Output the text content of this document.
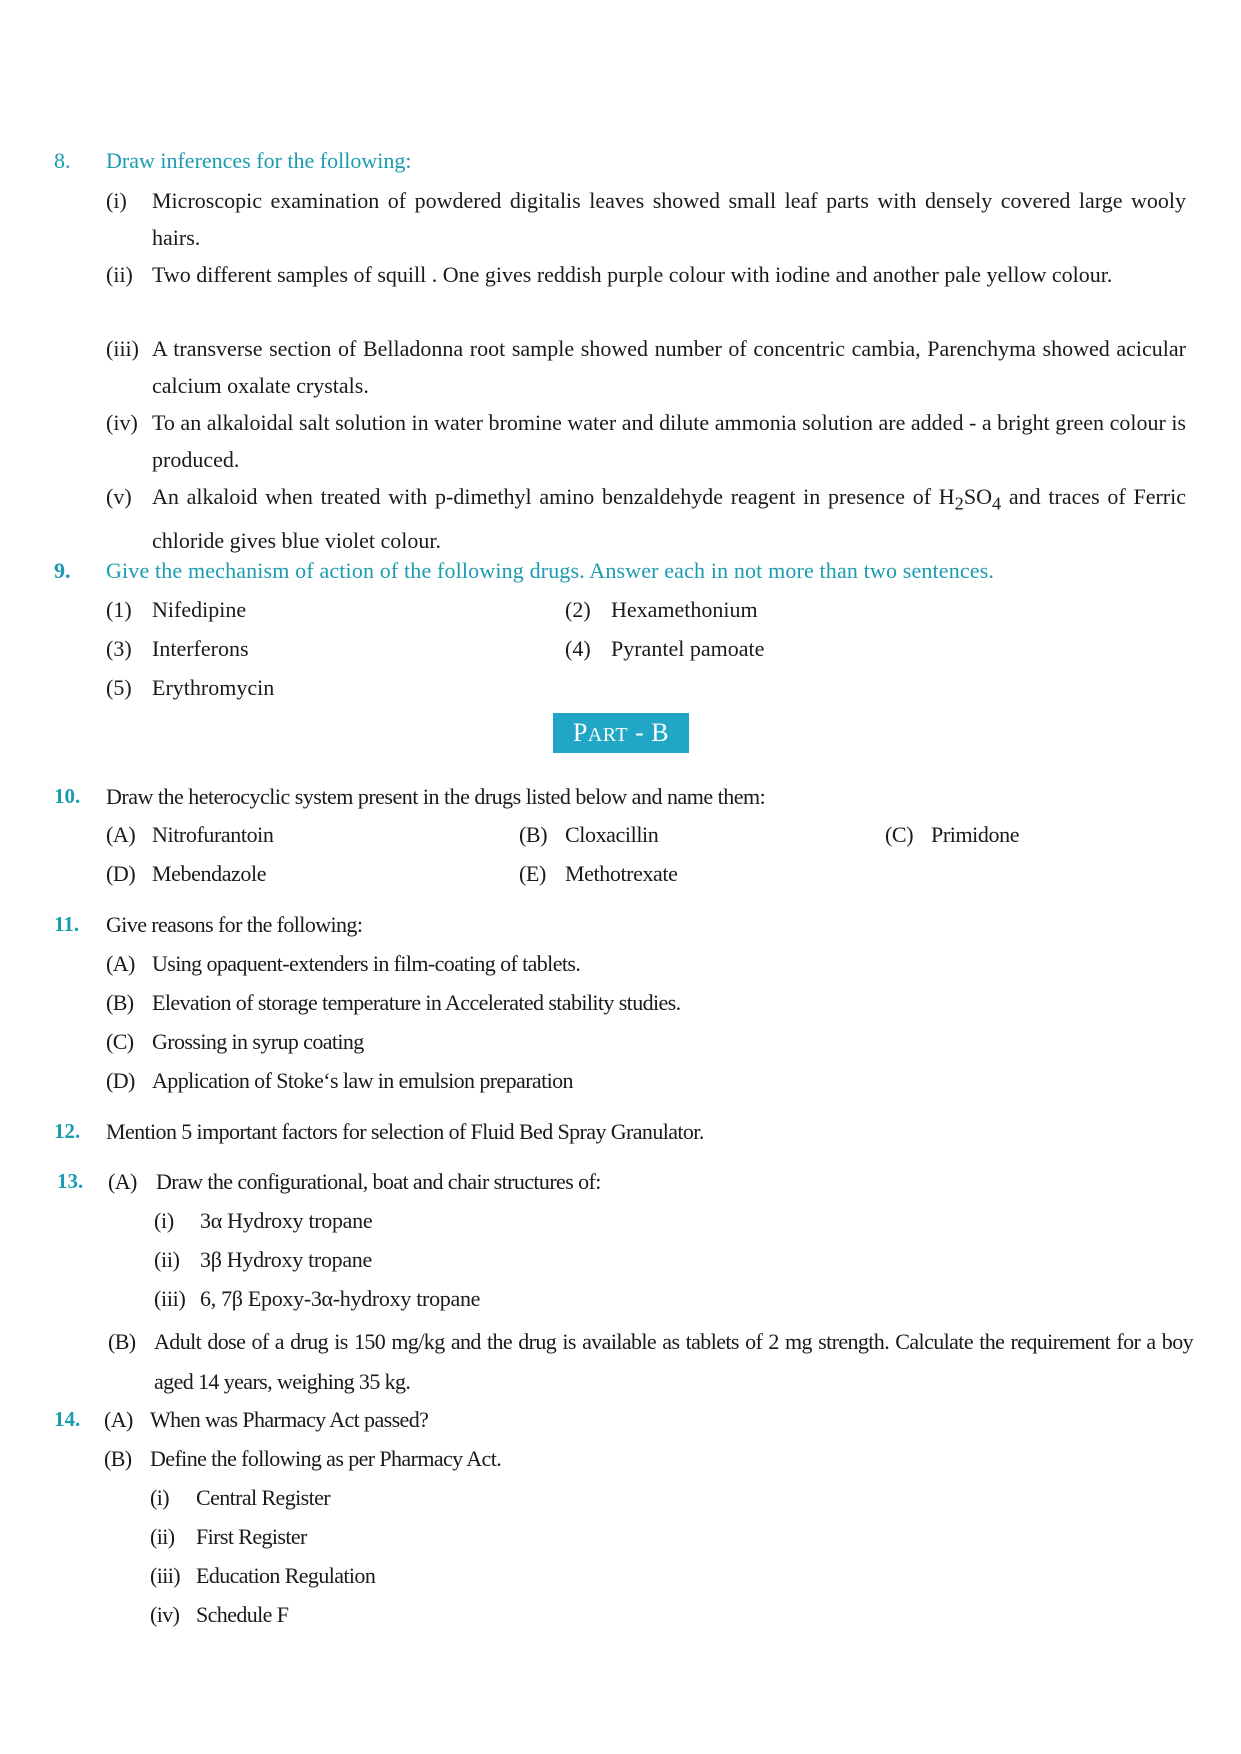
8. Draw inferences for the following:
(i) Microscopic examination of powdered digitalis leaves showed small leaf parts with densely covered large wooly hairs.
(ii) Two different samples of squill . One gives reddish purple colour with iodine and another pale yellow colour.
(iii) A transverse section of Belladonna root sample showed number of concentric cambia, Parenchyma showed acicular calcium oxalate crystals.
(iv) To an alkaloidal salt solution in water bromine water and dilute ammonia solution are added - a bright green colour is produced.
(v) An alkaloid when treated with p-dimethyl amino benzaldehyde reagent in presence of $H_2SO_4$ and traces of Ferric chloride gives blue violet colour.
9. Give the mechanism of action of the following drugs. Answer each in not more than two sentences.
(1) Nifedipine	(2) Hexamethonium
(3) Interferons	(4) Pyrantel pamoate
(5) Erythromycin
PART - B
10. Draw the heterocyclic system present in the drugs listed below and name them:
(A) Nitrofurantoin	(B) Cloxacillin	(C) Primidone
(D) Mebendazole	(E) Methotrexate
11. Give reasons for the following:
(A) Using opaquent-extenders in film-coating of tablets.
(B) Elevation of storage temperature in Accelerated stability studies.
(C) Grossing in syrup coating
(D) Application of Stoke‘s law in emulsion preparation
12. Mention 5 important factors for selection of Fluid Bed Spray Granulator.
13. (A) Draw the configurational, boat and chair structures of:
(i) 3α Hydroxy tropane
(ii) 3β Hydroxy tropane
(iii) 6, 7β Epoxy-3α-hydroxy tropane
(B) Adult dose of a drug is 150 mg/kg and the drug is available as tablets of 2 mg strength. Calculate the requirement for a boy aged 14 years, weighing 35 kg.
14. (A) When was Pharmacy Act passed?
(B) Define the following as per Pharmacy Act.
(i) Central Register
(ii) First Register
(iii) Education Regulation
(iv) Schedule F
